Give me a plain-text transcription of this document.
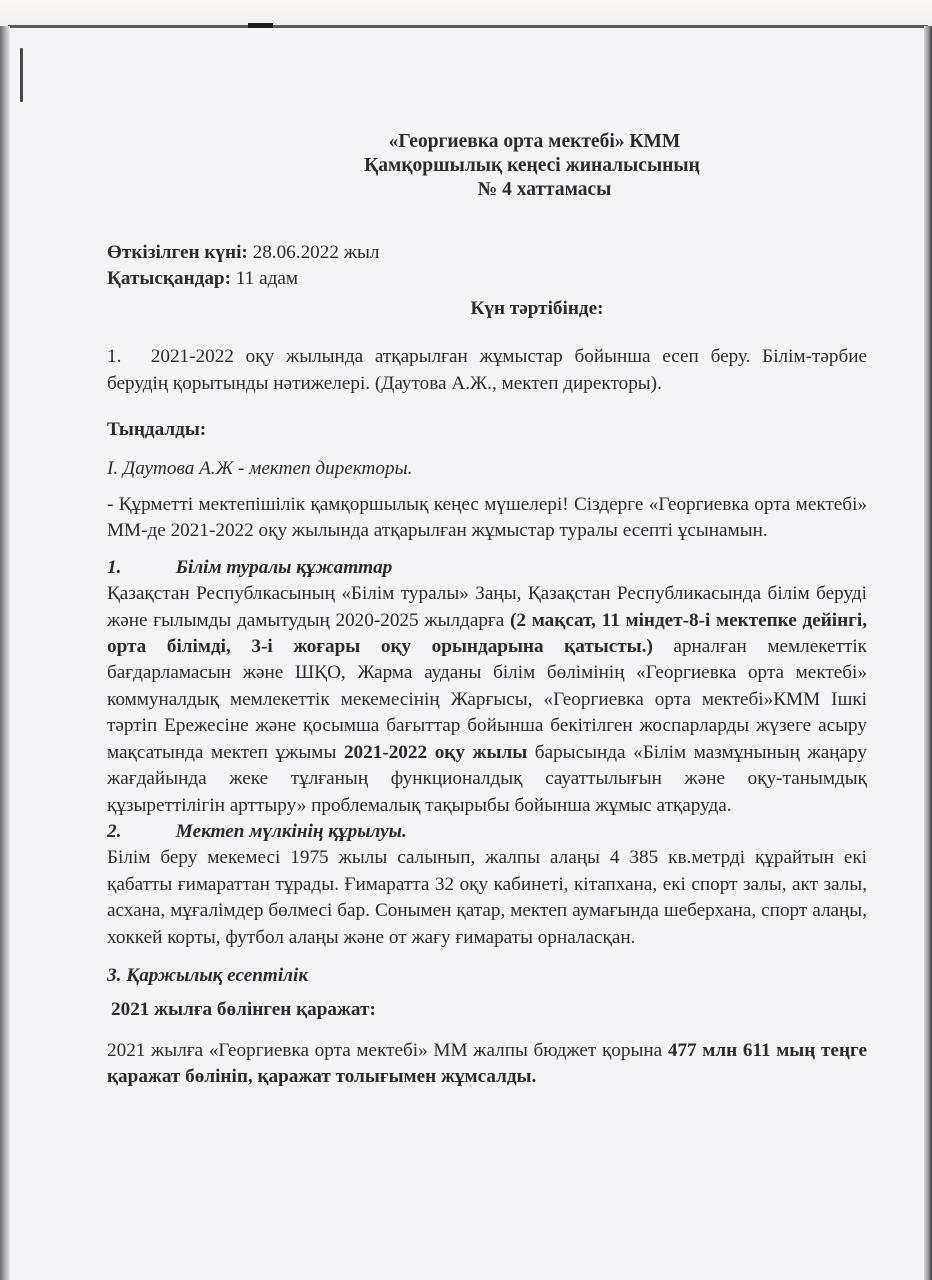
«Георгиевка орта мектебі» КММ
Қамқоршылық кеңесі жиналысының
№ 4 хаттамасы
Өткізілген күні: 28.06.2022 жыл
Қатысқандар: 11 адам
Күн тәртібінде:
1. 2021-2022 оқу жылында атқарылған жұмыстар бойынша есеп беру. Білім-тәрбие берудің қорытынды нәтижелері. (Даутова А.Ж., мектеп директоры).
Тыңдалды:
І. Даутова А.Ж - мектеп директоры.
- Құрметті мектепішілік қамқоршылық кеңес мүшелері! Сіздерге «Георгиевка орта мектебі» ММ-де 2021-2022 оқу жылында атқарылған жұмыстар туралы есепті ұсынамын.
1.	Білім туралы құжаттар
Қазақстан Республкасының «Білім туралы» Заңы, Қазақстан Республикасында білім беруді және ғылымды дамытудың 2020-2025 жылдарға (2 мақсат, 11 міндет-8-і мектепке дейінгі, орта білімді, 3-і жоғары оқу орындарына қатысты.) арналған мемлекеттік бағдарламасын және ШҚО, Жарма ауданы білім бөлімінің «Георгиевка орта мектебі» коммуналдық мемлекеттік мекемесінің Жарғысы, «Георгиевка орта мектебі»КММ Ішкі тәртіп Ережесіне және қосымша бағыттар бойынша бекітілген жоспарларды жүзеге асыру мақсатында мектеп ұжымы 2021-2022 оқу жылы барысында «Білім мазмұнының жаңару жағдайында жеке тұлғаның функционалдық сауаттылығын және оқу-танымдық құзыреттілігін арттыру» проблемалық тақырыбы бойынша жұмыс атқаруда.
2.	Мектеп мүлкінің құрылуы.
Білім беру мекемесі 1975 жылы салынып, жалпы алаңы 4 385 кв.метрді құрайтын екі қабатты ғимараттан тұрады. Ғимаратта 32 оқу кабинеті, кітапхана, екі спорт залы, акт залы, асхана, мұғалімдер бөлмесі бар. Сонымен қатар, мектеп аумағында шеберхана, спорт алаңы, хоккей корты, футбол алаңы және от жағу ғимараты орналасқан.
3. Қаржылық есептілік
2021 жылға бөлінген қаражат:
2021 жылға «Георгиевка орта мектебі» ММ жалпы бюджет қорына 477 млн 611 мың теңге қаражат бөлініп, қаражат толығымен жұмсалды.
